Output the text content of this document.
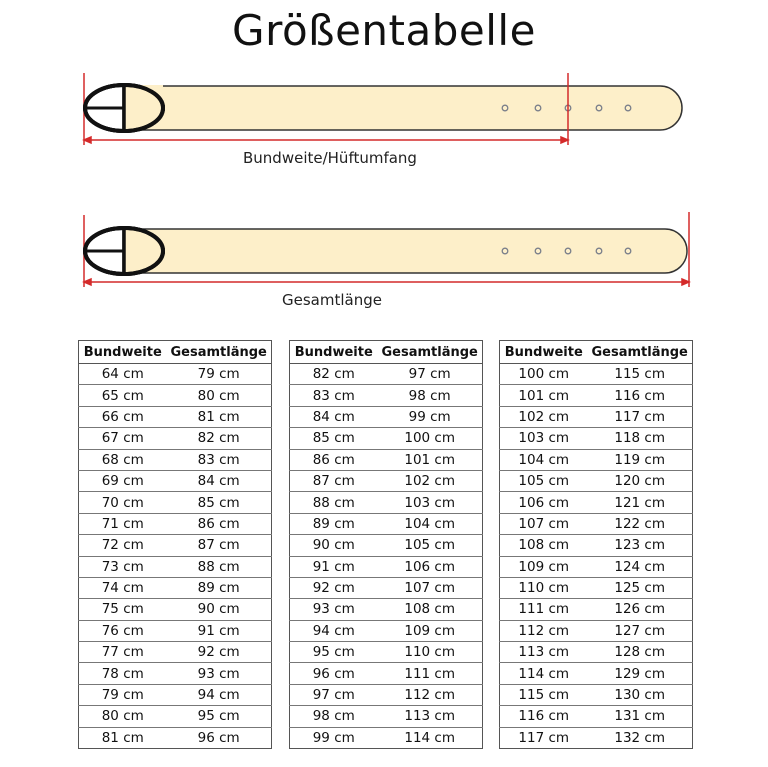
Größentabelle
Bundweite/Hüftumfang
Gesamtlänge
Bundweite	Gesamtlänge
64 cm	79 cm
65 cm	80 cm
66 cm	81 cm
67 cm	82 cm
68 cm	83 cm
69 cm	84 cm
70 cm	85 cm
71 cm	86 cm
72 cm	87 cm
73 cm	88 cm
74 cm	89 cm
75 cm	90 cm
76 cm	91 cm
77 cm	92 cm
78 cm	93 cm
79 cm	94 cm
80 cm	95 cm
81 cm	96 cm
Bundweite	Gesamtlänge
82 cm	97 cm
83 cm	98 cm
84 cm	99 cm
85 cm	100 cm
86 cm	101 cm
87 cm	102 cm
88 cm	103 cm
89 cm	104 cm
90 cm	105 cm
91 cm	106 cm
92 cm	107 cm
93 cm	108 cm
94 cm	109 cm
95 cm	110 cm
96 cm	111 cm
97 cm	112 cm
98 cm	113 cm
99 cm	114 cm
Bundweite	Gesamtlänge
100 cm	115 cm
101 cm	116 cm
102 cm	117 cm
103 cm	118 cm
104 cm	119 cm
105 cm	120 cm
106 cm	121 cm
107 cm	122 cm
108 cm	123 cm
109 cm	124 cm
110 cm	125 cm
111 cm	126 cm
112 cm	127 cm
113 cm	128 cm
114 cm	129 cm
115 cm	130 cm
116 cm	131 cm
117 cm	132 cm
